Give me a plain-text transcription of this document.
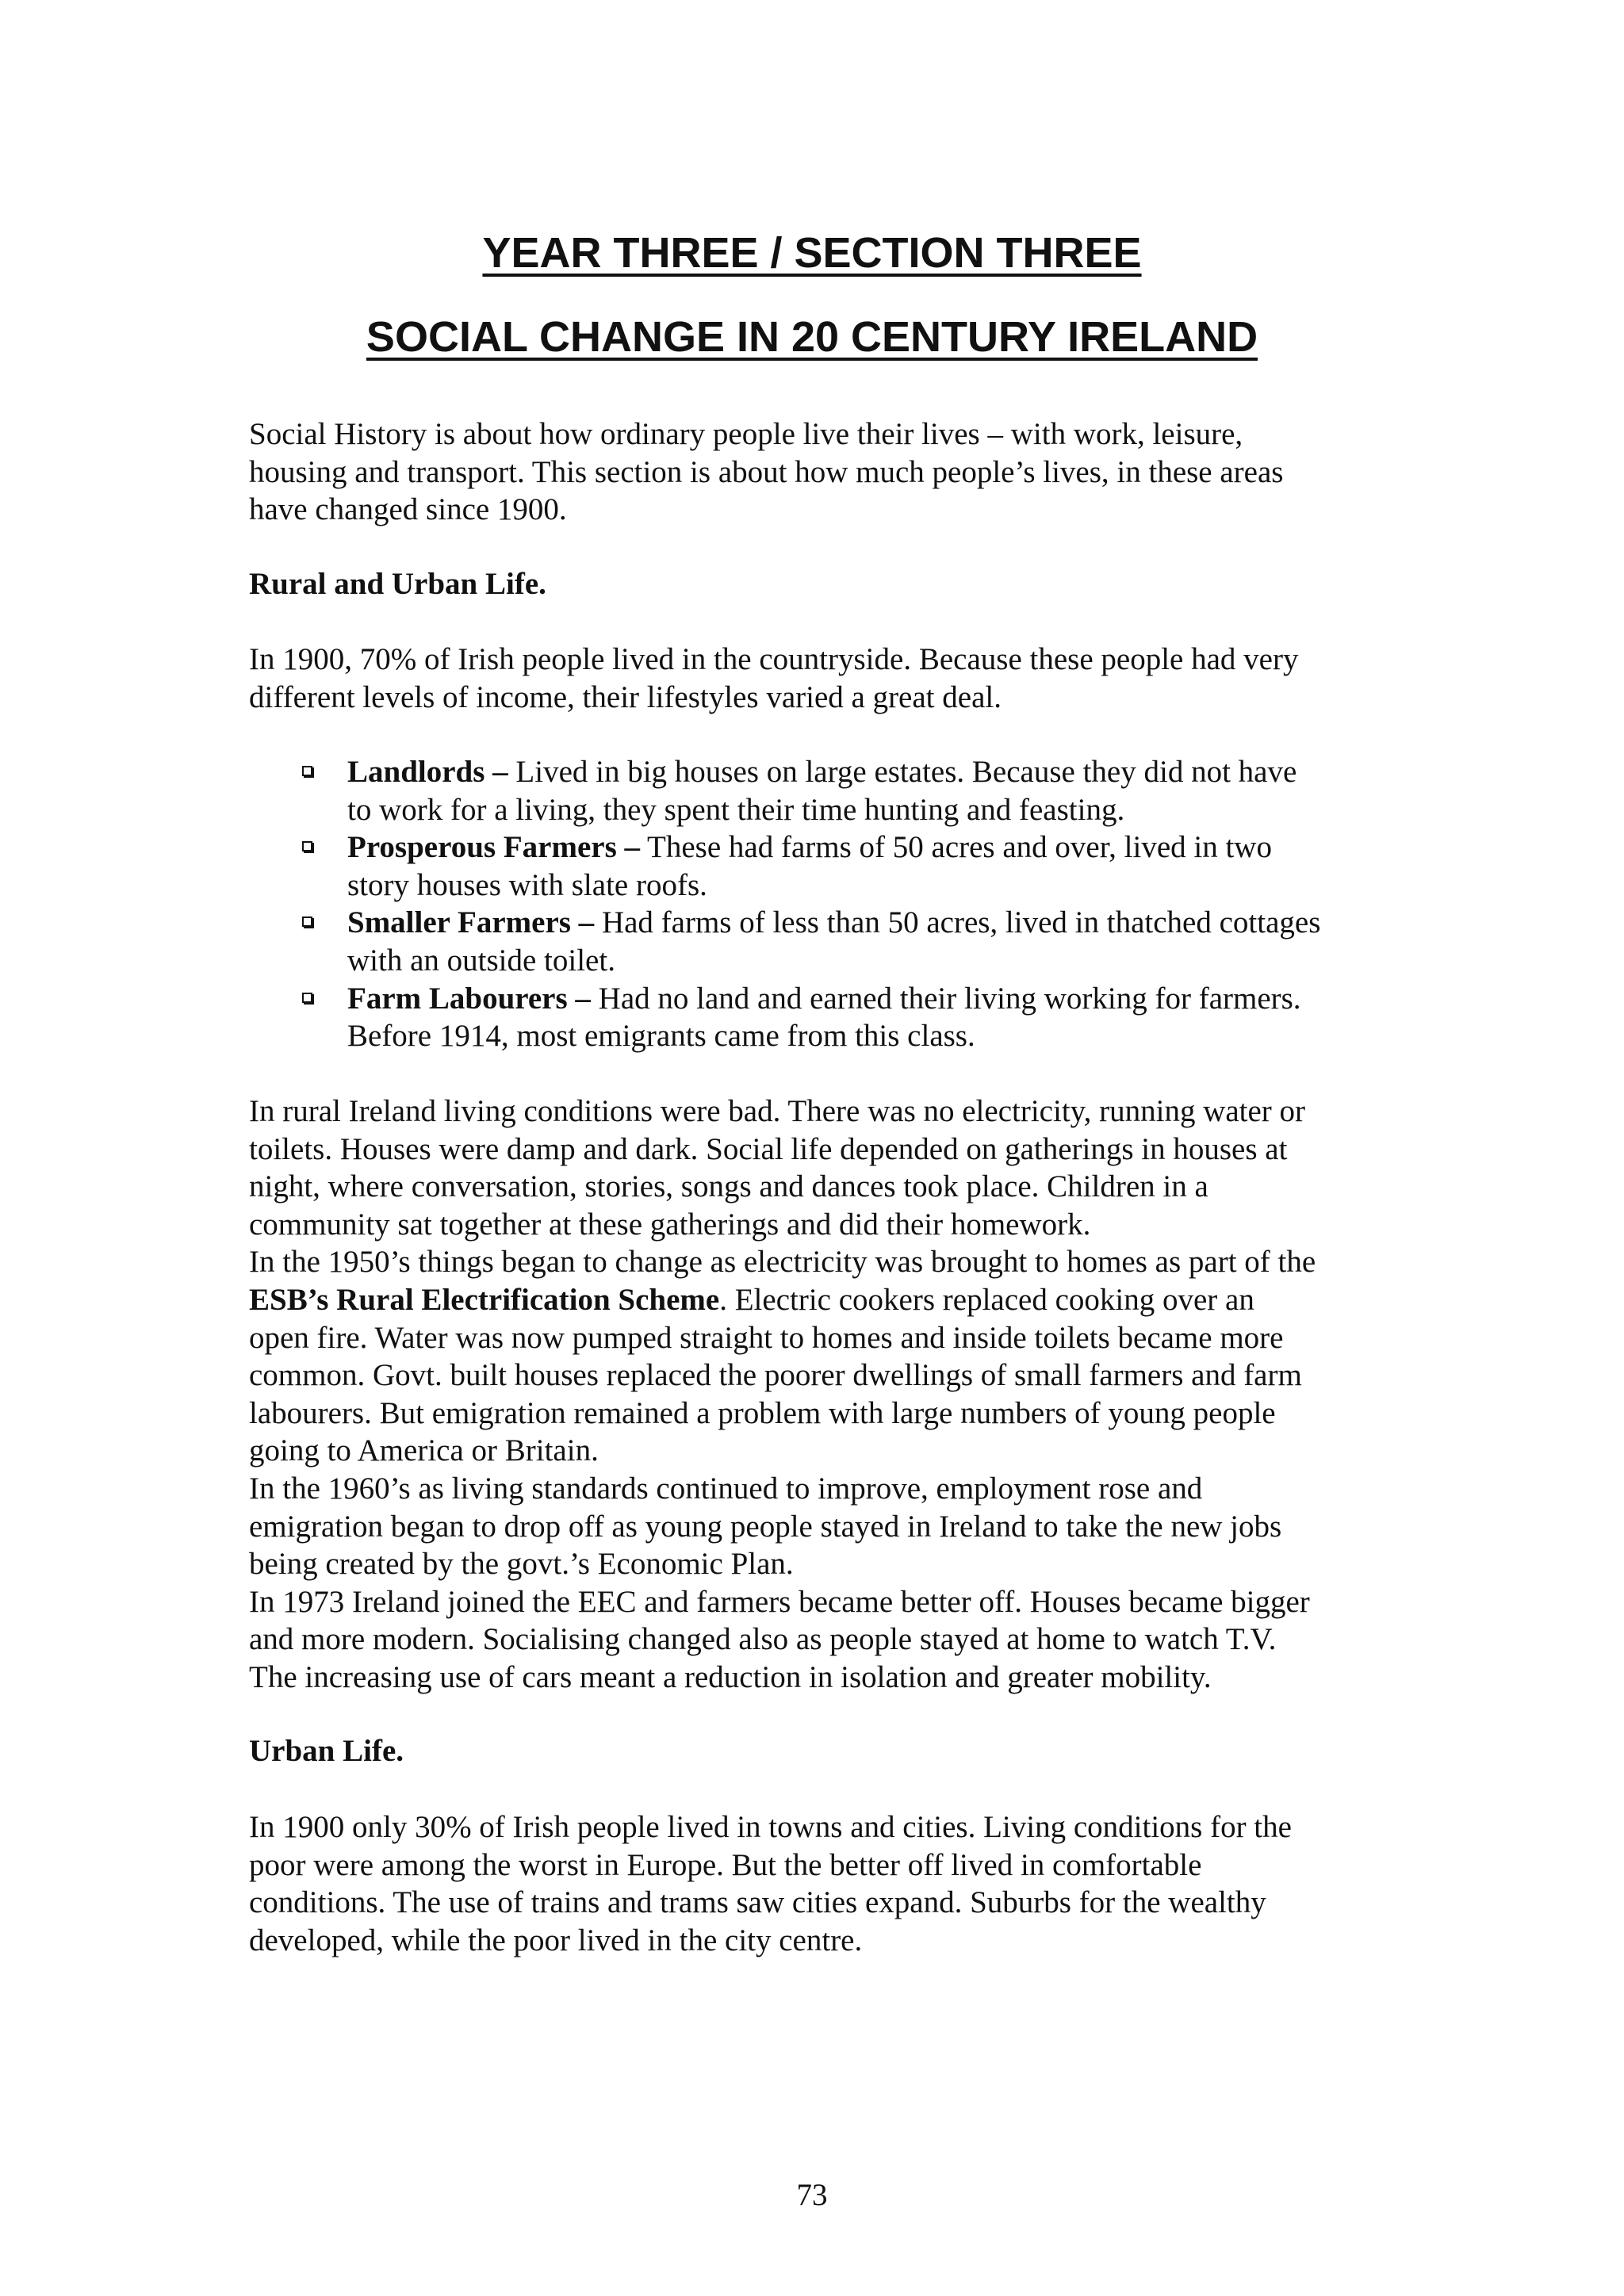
YEAR THREE / SECTION THREE
SOCIAL CHANGE IN 20 CENTURY IRELAND

Social History is about how ordinary people live their lives – with work, leisure,

housing and transport. This section is about how much people’s lives, in these areas

have changed since 1900.

Rural and Urban Life.

In 1900, 70% of Irish people lived in the countryside. Because these people had very

different levels of income, their lifestyles varied a great deal.

Landlords – Lived in big houses on large estates. Because they did not have
to work for a living, they spent their time hunting and feasting.
Prosperous Farmers – These had farms of 50 acres and over, lived in two
story houses with slate roofs.
Smaller Farmers – Had farms of less than 50 acres, lived in thatched cottages
with an outside toilet.
Farm Labourers – Had no land and earned their living working for farmers.
Before 1914, most emigrants came from this class.

In rural Ireland living conditions were bad. There was no electricity, running water or

toilets. Houses were damp and dark. Social life depended on gatherings in houses at

night, where conversation, stories, songs and dances took place. Children in a

community sat together at these gatherings and did their homework.

In the 1950’s things began to change as electricity was brought to homes as part of the

ESB’s Rural Electrification Scheme. Electric cookers replaced cooking over an

open fire. Water was now pumped straight to homes and inside toilets became more

common. Govt. built houses replaced the poorer dwellings of small farmers and farm

labourers. But emigration remained a problem with large numbers of young people

going to America or Britain.

In the 1960’s as living standards continued to improve, employment rose and

emigration began to drop off as young people stayed in Ireland to take the new jobs

being created by the govt.’s Economic Plan.

In 1973 Ireland joined the EEC and farmers became better off. Houses became bigger

and more modern. Socialising changed also as people stayed at home to watch T.V.

The increasing use of cars meant a reduction in isolation and greater mobility.

Urban Life.

In 1900 only 30% of Irish people lived in towns and cities. Living conditions for the

poor were among the worst in Europe. But the better off lived in comfortable

conditions. The use of trains and trams saw cities expand. Suburbs for the wealthy

developed, while the poor lived in the city centre.

73
